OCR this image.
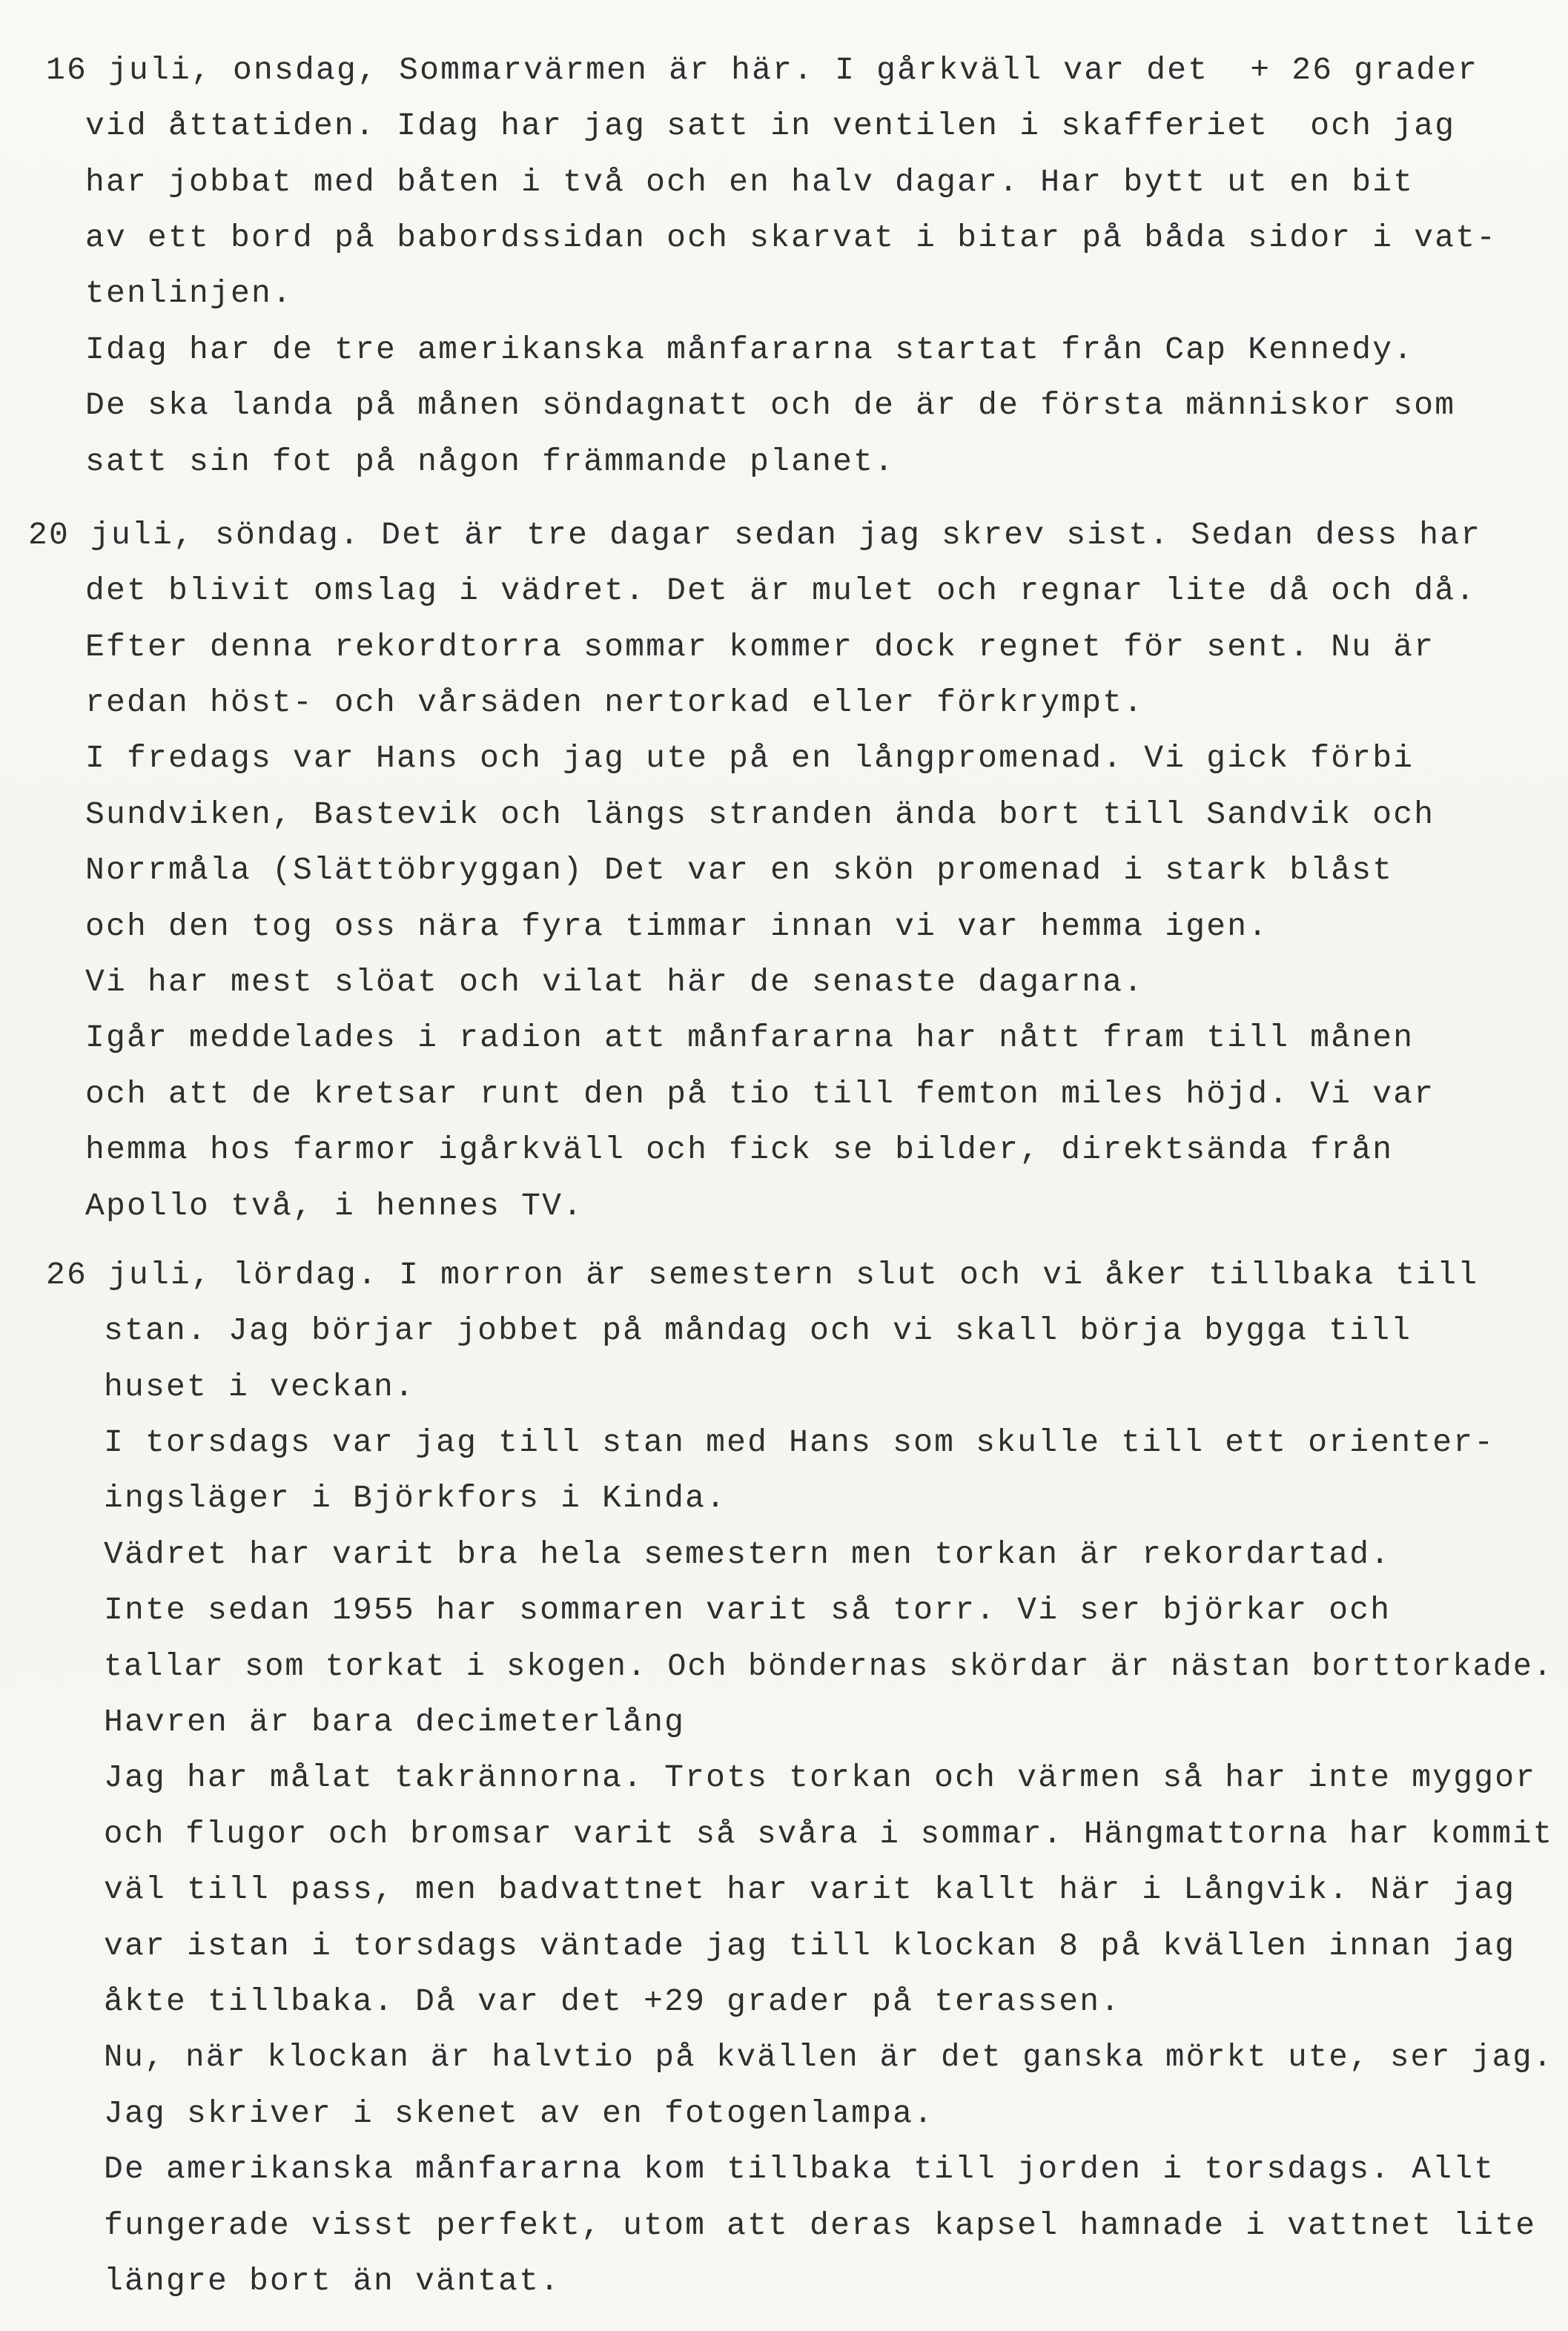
16 juli, onsdag, Sommarvärmen är här. I gårkväll var det  + 26 grader
vid åttatiden. Idag har jag satt in ventilen i skafferiet  och jag
har jobbat med båten i två och en halv dagar. Har bytt ut en bit
av ett bord på babordssidan och skarvat i bitar på båda sidor i vat-
tenlinjen.
Idag har de tre amerikanska månfararna startat från Cap Kennedy.
De ska landa på månen söndagnatt och de är de första människor som
satt sin fot på någon främmande planet.
20 juli, söndag. Det är tre dagar sedan jag skrev sist. Sedan dess har
det blivit omslag i vädret. Det är mulet och regnar lite då och då.
Efter denna rekordtorra sommar kommer dock regnet för sent. Nu är
redan höst- och vårsäden nertorkad eller förkrympt.
I fredags var Hans och jag ute på en långpromenad. Vi gick förbi
Sundviken, Bastevik och längs stranden ända bort till Sandvik och
Norrmåla (Slättöbryggan) Det var en skön promenad i stark blåst
och den tog oss nära fyra timmar innan vi var hemma igen.
Vi har mest slöat och vilat här de senaste dagarna.
Igår meddelades i radion att månfararna har nått fram till månen
och att de kretsar runt den på tio till femton miles höjd. Vi var
hemma hos farmor igårkväll och fick se bilder, direktsända från
Apollo två, i hennes TV.
26 juli, lördag. I morron är semestern slut och vi åker tillbaka till
stan. Jag börjar jobbet på måndag och vi skall börja bygga till
huset i veckan.
I torsdags var jag till stan med Hans som skulle till ett orienter-
ingsläger i Björkfors i Kinda.
Vädret har varit bra hela semestern men torkan är rekordartad.
Inte sedan 1955 har sommaren varit så torr. Vi ser björkar och
tallar som torkat i skogen. Och böndernas skördar är nästan borttorkade.
Havren är bara decimeterlång
Jag har målat takrännorna. Trots torkan och värmen så har inte myggor
och flugor och bromsar varit så svåra i sommar. Hängmattorna har kommit
väl till pass, men badvattnet har varit kallt här i Långvik. När jag
var istan i torsdags väntade jag till klockan 8 på kvällen innan jag
åkte tillbaka. Då var det +29 grader på terassen.
Nu, när klockan är halvtio på kvällen är det ganska mörkt ute, ser jag.
Jag skriver i skenet av en fotogenlampa.
De amerikanska månfararna kom tillbaka till jorden i torsdags. Allt
fungerade visst perfekt, utom att deras kapsel hamnade i vattnet lite
längre bort än väntat.
